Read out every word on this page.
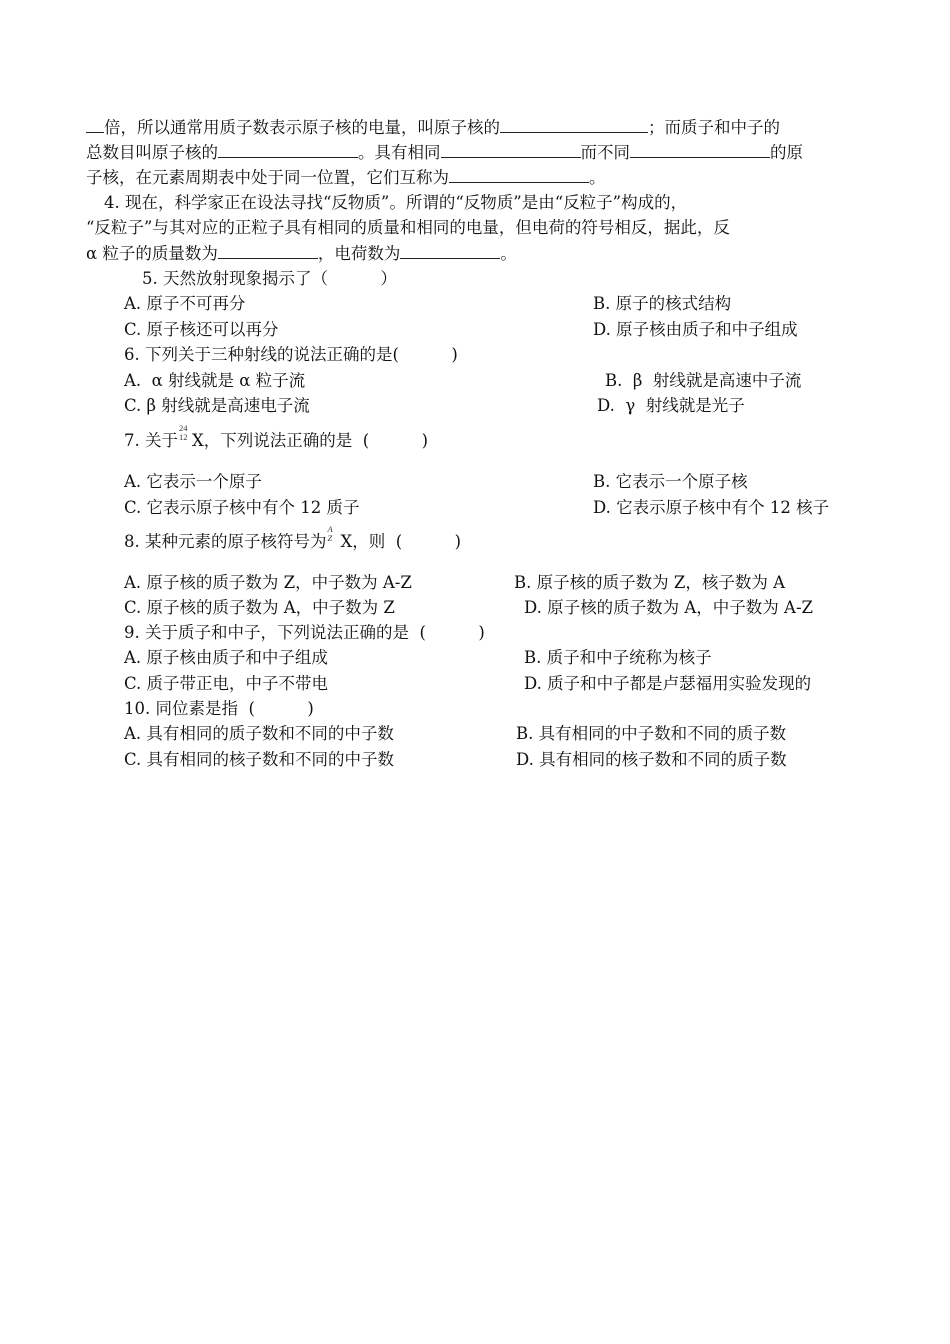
倍，所以通常用质子数表示原子核的电量，叫原子核的	；而质子和中子的
总数目叫原子核的	。具有相同	而不同	的原
子核，在元素周期表中处于同一位置，它们互称为	。
4. 现在，科学家正在设法寻找“反物质”。所谓的“反物质”是由“反粒子”构成的，
“反粒子”与其对应的正粒子具有相同的质量和相同的电量，但电荷的符号相反，据此，反
α 粒子的质量数为	，电荷数为	。
5. 天然放射现象揭示了（          ）
A. 原子不可再分	B. 原子的核式结构
C. 原子核还可以再分	D. 原子核由质子和中子组成
6. 下列关于三种射线的说法正确的是(          )
A.  α 射线就是 α 粒子流	B.  β  射线就是高速中子流
C. β 射线就是高速电子流	D.  γ  射线就是光子
7. 关于
24
12 X，下列说法正确的是  (          )
A. 它表示一个原子	B. 它表示一个原子核
C. 它表示原子核中有个 12 质子	D. 它表示原子核中有个 12 核子
8. 某种元素的原子核符号为
A
Z X，则  (          )
A. 原子核的质子数为 Z，中子数为 A-Z	B. 原子核的质子数为 Z，核子数为 A
C. 原子核的质子数为 A，中子数为 Z	D. 原子核的质子数为 A，中子数为 A-Z
9. 关于质子和中子，下列说法正确的是  (          )
A. 原子核由质子和中子组成	B. 质子和中子统称为核子
C. 质子带正电，中子不带电	D. 质子和中子都是卢瑟福用实验发现的
10. 同位素是指  (          )
A. 具有相同的质子数和不同的中子数	B. 具有相同的中子数和不同的质子数
C. 具有相同的核子数和不同的中子数	D. 具有相同的核子数和不同的质子数
